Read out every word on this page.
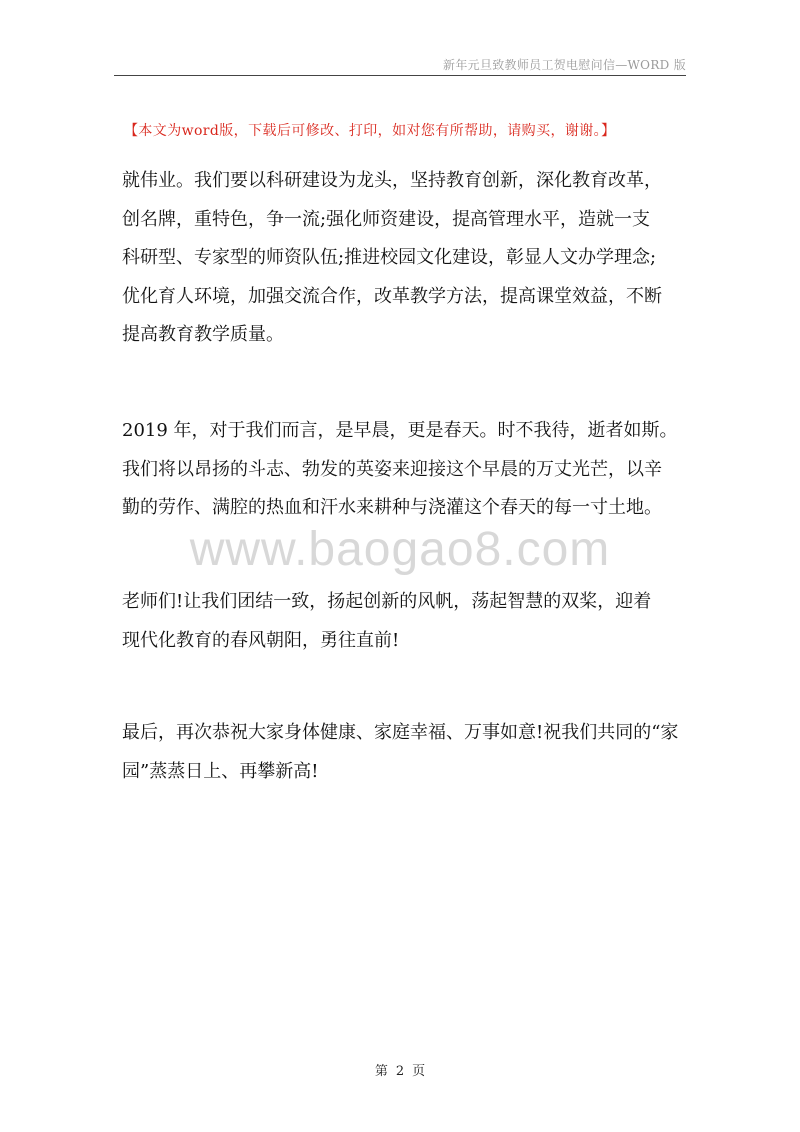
新年元旦致教师员工贺电慰问信—WORD 版
【本文为word版，下载后可修改、打印，如对您有所帮助，请购买，谢谢。】
就伟业。我们要以科研建设为龙头，坚持教育创新，深化教育改革，
创名牌，重特色，争一流;强化师资建设，提高管理水平，造就一支
科研型、专家型的师资队伍;推进校园文化建设，彰显人文办学理念;
优化育人环境，加强交流合作，改革教学方法，提高课堂效益，不断
提高教育教学质量。
2019 年，对于我们而言，是早晨，更是春天。时不我待，逝者如斯。
我们将以昂扬的斗志、勃发的英姿来迎接这个早晨的万丈光芒，以辛
勤的劳作、满腔的热血和汗水来耕种与浇灌这个春天的每一寸土地。
www.baogao8.com
老师们!让我们团结一致，扬起创新的风帆，荡起智慧的双桨，迎着
现代化教育的春风朝阳，勇往直前!
最后，再次恭祝大家身体健康、家庭幸福、万事如意!祝我们共同的“家
园”蒸蒸日上、再攀新高!
第 2 页
